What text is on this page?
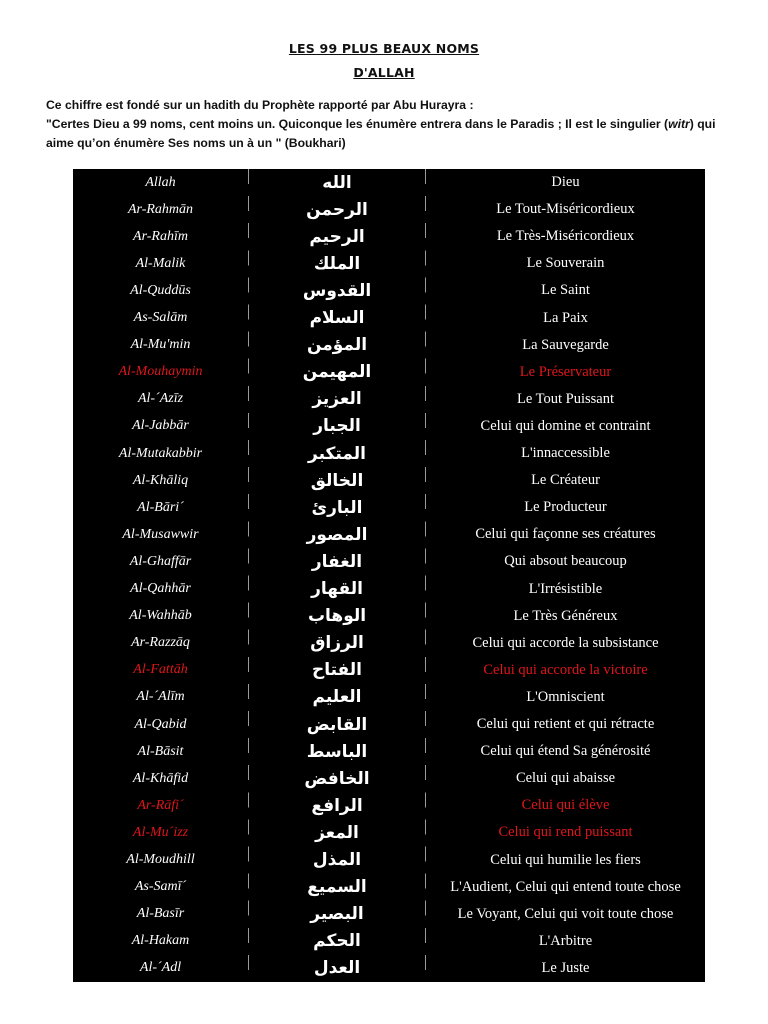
LES 99 PLUS BEAUX NOMS
D'ALLAH
Ce chiffre est fondé sur un hadith du Prophète rapporté par Abu Hurayra :
"Certes Dieu a 99 noms, cent moins un. Quiconque les énumère entrera dans le Paradis ; Il est le singulier (witr) qui aime qu’on énumère Ses noms un à un " (Boukhari)
Allah	الله	Dieu
Ar-Rahmān	الرحمن	Le Tout-Miséricordieux
Ar-Rahīm	الرحيم	Le Très-Miséricordieux
Al-Malik	الملك	Le Souverain
Al-Quddūs	القدوس	Le Saint
As-Salām	السلام	La Paix
Al-Mu'min	المؤمن	La Sauvegarde
Al-Mouhaymin	المهيمن	Le Préservateur
Al-´Azīz	العزيز	Le Tout Puissant
Al-Jabbār	الجبار	Celui qui domine et contraint
Al-Mutakabbir	المتكبر	L'innaccessible
Al-Khāliq	الخالق	Le Créateur
Al-Bāri´	البارئ	Le Producteur
Al-Musawwir	المصور	Celui qui façonne ses créatures
Al-Ghaffār	الغفار	Qui absout beaucoup
Al-Qahhār	القهار	L'Irrésistible
Al-Wahhāb	الوهاب	Le Très Généreux
Ar-Razzāq	الرزاق	Celui qui accorde la subsistance
Al-Fattāh	الفتاح	Celui qui accorde la victoire
Al-´Alīm	العليم	L'Omniscient
Al-Qabid	القابض	Celui qui retient et qui rétracte
Al-Bāsit	الباسط	Celui qui étend Sa générosité
Al-Khāfid	الخافض	Celui qui abaisse
Ar-Rāfi´	الرافع	Celui qui élève
Al-Mu´izz	المعز	Celui qui rend puissant
Al-Moudhill	المذل	Celui qui humilie les fiers
As-Samī´	السميع	L'Audient, Celui qui entend toute chose
Al-Basīr	البصير	Le Voyant, Celui qui voit toute chose
Al-Hakam	الحكم	L'Arbitre
Al-´Adl	العدل	Le Juste
